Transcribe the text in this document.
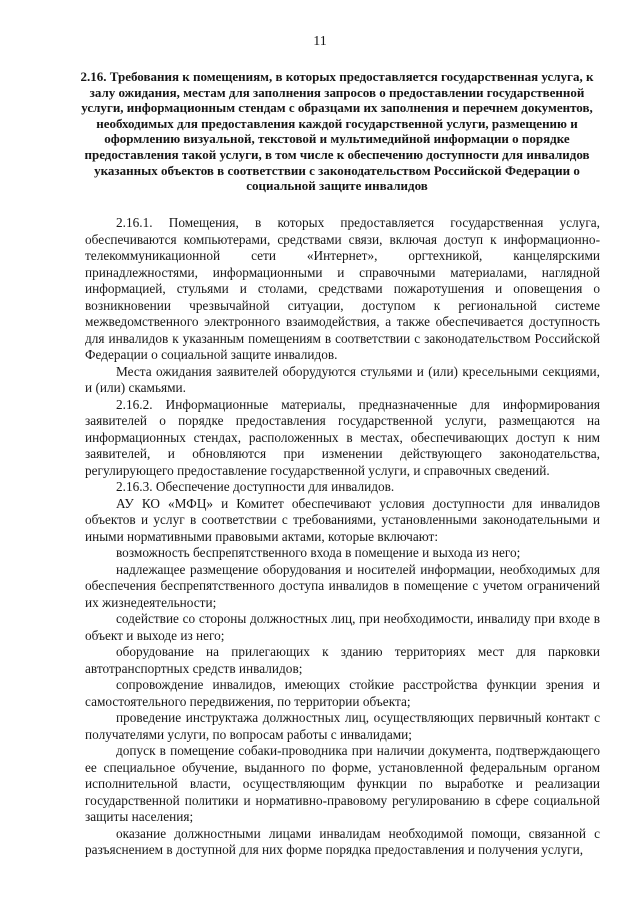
11

2.16. Требования к помещениям, в которых предоставляется государственная услуга, к залу ожидания, местам для заполнения запросов о предоставлении государственной услуги, информационным стендам с образцами их заполнения и перечнем документов, необходимых для предоставления каждой государственной услуги, размещению и оформлению визуальной, текстовой и мультимедийной информации о порядке предоставления такой услуги, в том числе к обеспечению доступности для инвалидов указанных объектов в соответствии с законодательством Российской Федерации о социальной защите инвалидов

2.16.1. Помещения, в которых предоставляется государственная услуга, обеспечиваются компьютерами, средствами связи, включая доступ к информационно-телекоммуникационной сети «Интернет», оргтехникой, канцелярскими принадлежностями, информационными и справочными материалами, наглядной информацией, стульями и столами, средствами пожаротушения и оповещения о возникновении чрезвычайной ситуации, доступом к региональной системе межведомственного электронного взаимодействия, а также обеспечивается доступность для инвалидов к указанным помещениям в соответствии с законодательством Российской Федерации о социальной защите инвалидов.

Места ожидания заявителей оборудуются стульями и (или) кресельными секциями, и (или) скамьями.

2.16.2. Информационные материалы, предназначенные для информирования заявителей о порядке предоставления государственной услуги, размещаются на информационных стендах, расположенных в местах, обеспечивающих доступ к ним заявителей, и обновляются при изменении действующего законодательства, регулирующего предоставление государственной услуги, и справочных сведений.

2.16.3. Обеспечение доступности для инвалидов.

АУ КО «МФЦ» и Комитет обеспечивают условия доступности для инвалидов объектов и услуг в соответствии с требованиями, установленными законодательными и иными нормативными правовыми актами, которые включают:

возможность беспрепятственного входа в помещение и выхода из него;

надлежащее размещение оборудования и носителей информации, необходимых для обеспечения беспрепятственного доступа инвалидов в помещение с учетом ограничений их жизнедеятельности;

содействие со стороны должностных лиц, при необходимости, инвалиду при входе в объект и выходе из него;

оборудование на прилегающих к зданию территориях мест для парковки автотранспортных средств инвалидов;

сопровождение инвалидов, имеющих стойкие расстройства функции зрения и самостоятельного передвижения, по территории объекта;

проведение инструктажа должностных лиц, осуществляющих первичный контакт с получателями услуги, по вопросам работы с инвалидами;

допуск в помещение собаки-проводника при наличии документа, подтверждающего ее специальное обучение, выданного по форме, установленной федеральным органом исполнительной власти, осуществляющим функции по выработке и реализации государственной политики и нормативно-правовому регулированию в сфере социальной защиты населения;

оказание должностными лицами инвалидам необходимой помощи, связанной с разъяснением в доступной для них форме порядка предоставления и получения услуги,
